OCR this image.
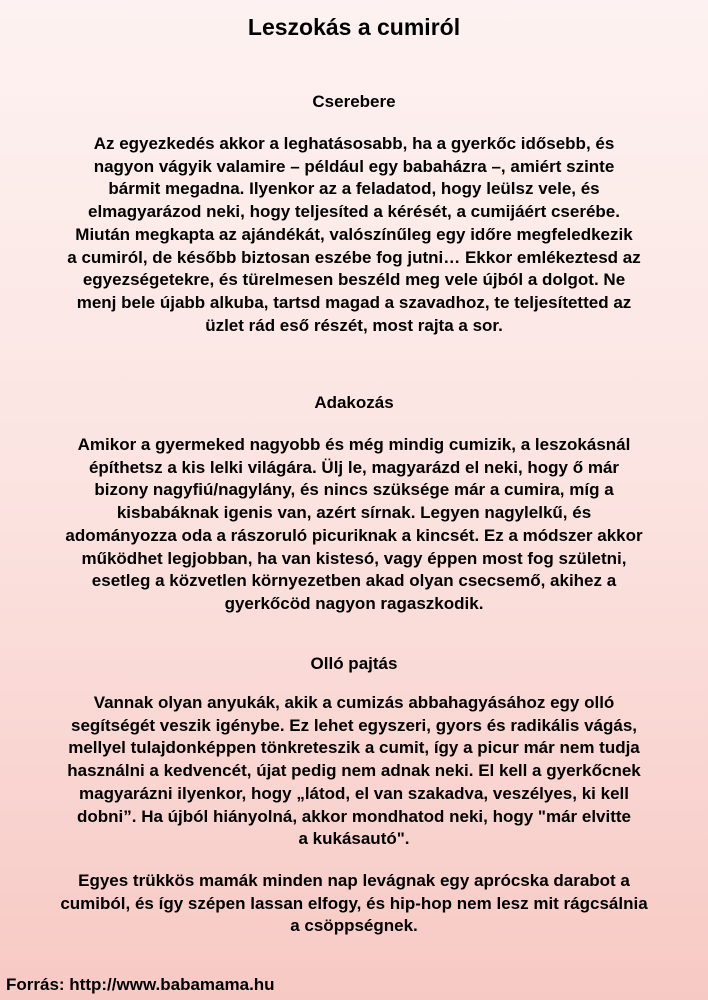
Leszokás a cumiról
Cserebere

Az egyezkedés akkor a leghatásosabb, ha a gyerkőc idősebb, és
nagyon vágyik valamire – például egy babaházra –, amiért szinte
bármit megadna. Ilyenkor az a feladatod, hogy leülsz vele, és
elmagyarázod neki, hogy teljesíted a kérését, a cumijáért cserébe.
Miután megkapta az ajándékát, valószínűleg egy időre megfeledkezik
a cumiról, de később biztosan eszébe fog jutni… Ekkor emlékeztesd az
egyezségetekre, és türelmesen beszéld meg vele újból a dolgot. Ne
menj bele újabb alkuba, tartsd magad a szavadhoz, te teljesítetted az
üzlet rád eső részét, most rajta a sor.

Adakozás

Amikor a gyermeked nagyobb és még mindig cumizik, a leszokásnál
építhetsz a kis lelki világára. Ülj le, magyarázd el neki, hogy ő már
bizony nagyfiú/nagylány, és nincs szüksége már a cumira, míg a
kisbabáknak igenis van, azért sírnak. Legyen nagylelkű, és
adományozza oda a rászoruló picuriknak a kincsét. Ez a módszer akkor
működhet legjobban, ha van kistesó, vagy éppen most fog születni,
esetleg a közvetlen környezetben akad olyan csecsemő, akihez a
gyerkőcöd nagyon ragaszkodik.

Olló pajtás

Vannak olyan anyukák, akik a cumizás abbahagyásához egy olló
segítségét veszik igénybe. Ez lehet egyszeri, gyors és radikális vágás,
mellyel tulajdonképpen tönkreteszik a cumit, így a picur már nem tudja
használni a kedvencét, újat pedig nem adnak neki. El kell a gyerkőcnek
magyarázni ilyenkor, hogy „látod, el van szakadva, veszélyes, ki kell
dobni”. Ha újból hiányolná, akkor mondhatod neki, hogy "már elvitte
a kukásautó".

Egyes trükkös mamák minden nap levágnak egy aprócska darabot a
cumiból, és így szépen lassan elfogy, és hip-hop nem lesz mit rágcsálnia
a csöppségnek.

Forrás: http://www.babamama.hu
